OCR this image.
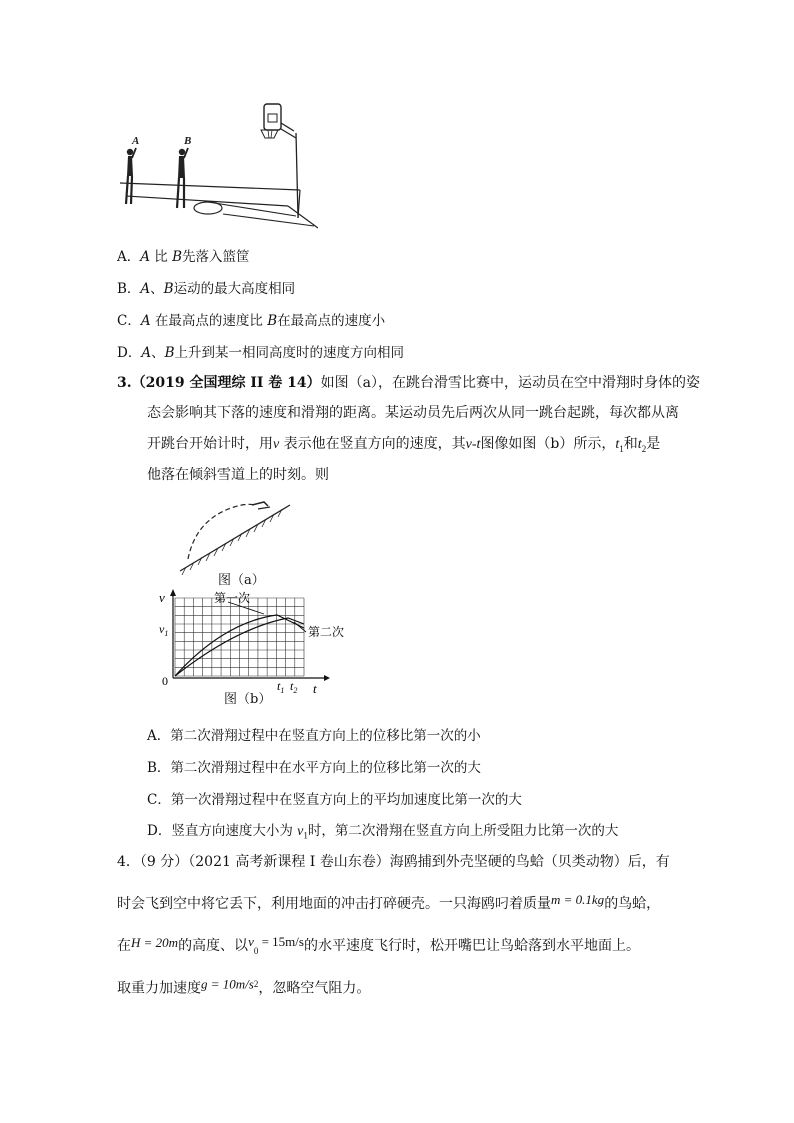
A	B
A．A 比 B先落入篮筐
B．A、B运动的最大高度相同
C．A 在最高点的速度比 B在最高点的速度小
D．A、B上升到某一相同高度时的速度方向相同
3.（2019 全国理综 II 卷 14）如图（a），在跳台滑雪比赛中，运动员在空中滑翔时身体的姿
态会影响其下落的速度和滑翔的距离。某运动员先后两次从同一跳台起跳，每次都从离
开跳台开始计时，用v 表示他在竖直方向的速度，其v-t图像如图（b）所示，$t_1$和$t_2$是
他落在倾斜雪道上的时刻。则
图（a）
v
t
0
$v_1$
第一次
第二次
$t_1$ $t_2$
图（b）
A．第二次滑翔过程中在竖直方向上的位移比第一次的小
B．第二次滑翔过程中在水平方向上的位移比第一次的大
C．第一次滑翔过程中在竖直方向上的平均加速度比第一次的大
D．竖直方向速度大小为 $v_1$时，第二次滑翔在竖直方向上所受阻力比第一次的大
4．（9 分）（2021 高考新课程 I 卷山东卷）海鸥捕到外壳坚硬的鸟蛤（贝类动物）后，有
时会飞到空中将它丢下，利用地面的冲击打碎硬壳。一只海鸥叼着质量m = 0.1kg的鸟蛤，
在H = 20m的高度、以$v_0 = 15m/s$的水平速度飞行时，松开嘴巴让鸟蛤落到水平地面上。
取重力加速度$g = 10m/s^2$，忽略空气阻力。
